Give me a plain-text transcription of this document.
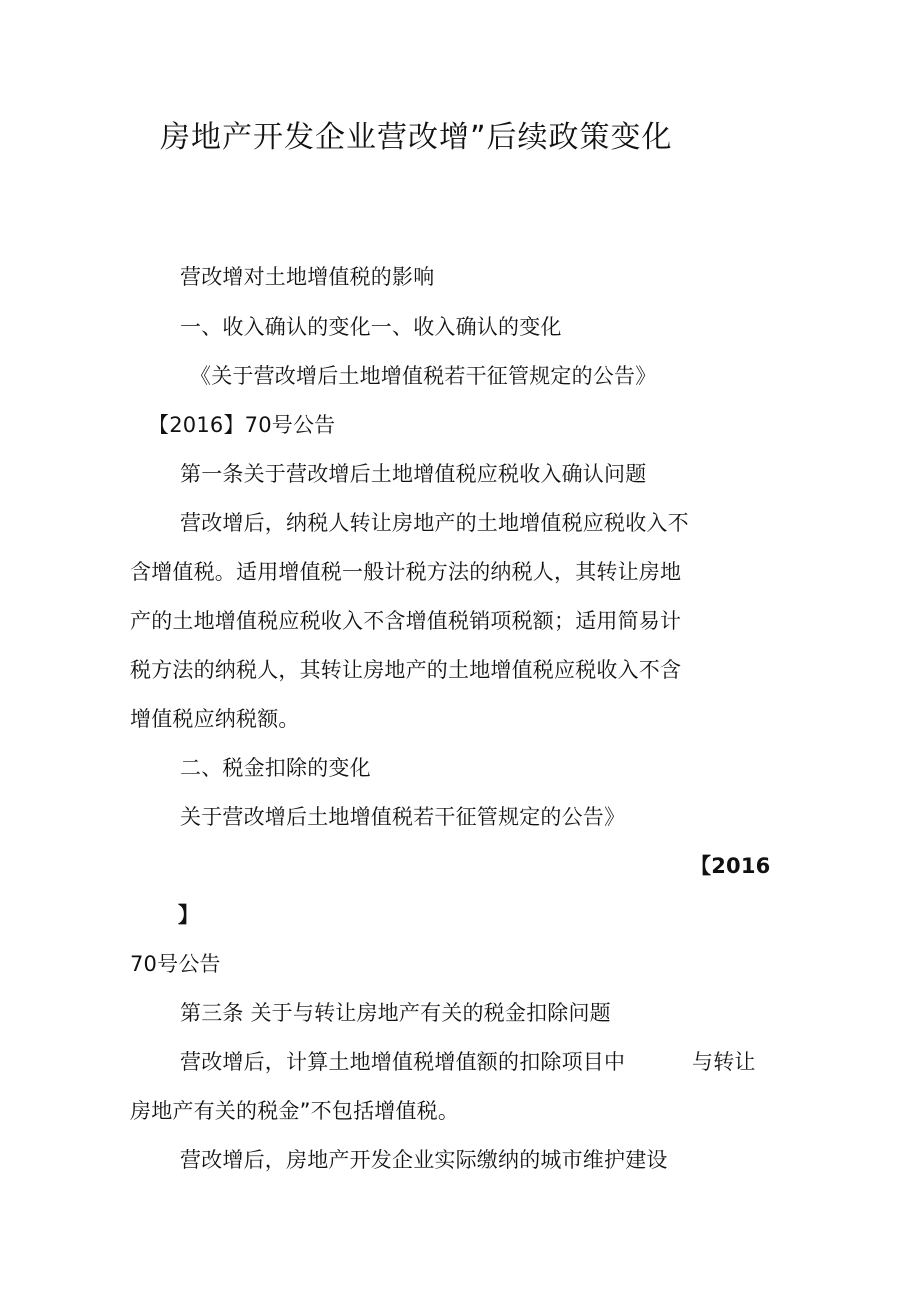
房地产开发企业营改增”后续政策变化
营改增对土地增值税的影响
一、收入确认的变化一、收入确认的变化
《关于营改增后土地增值税若干征管规定的公告》
【2016】70号公告
第一条关于营改增后土地增值税应税收入确认问题
营改增后，纳税人转让房地产的土地增值税应税收入不
含增值税。适用增值税一般计税方法的纳税人，其转让房地
产的土地增值税应税收入不含增值税销项税额；适用简易计
税方法的纳税人，其转让房地产的土地增值税应税收入不含
增值税应纳税额。
二、税金扣除的变化
关于营改增后土地增值税若干征管规定的公告》
【2016
】
70号公告
第三条 关于与转让房地产有关的税金扣除问题
营改增后，计算土地增值税增值额的扣除项目中	与转让
房地产有关的税金”不包括增值税。
营改增后，房地产开发企业实际缴纳的城市维护建设
